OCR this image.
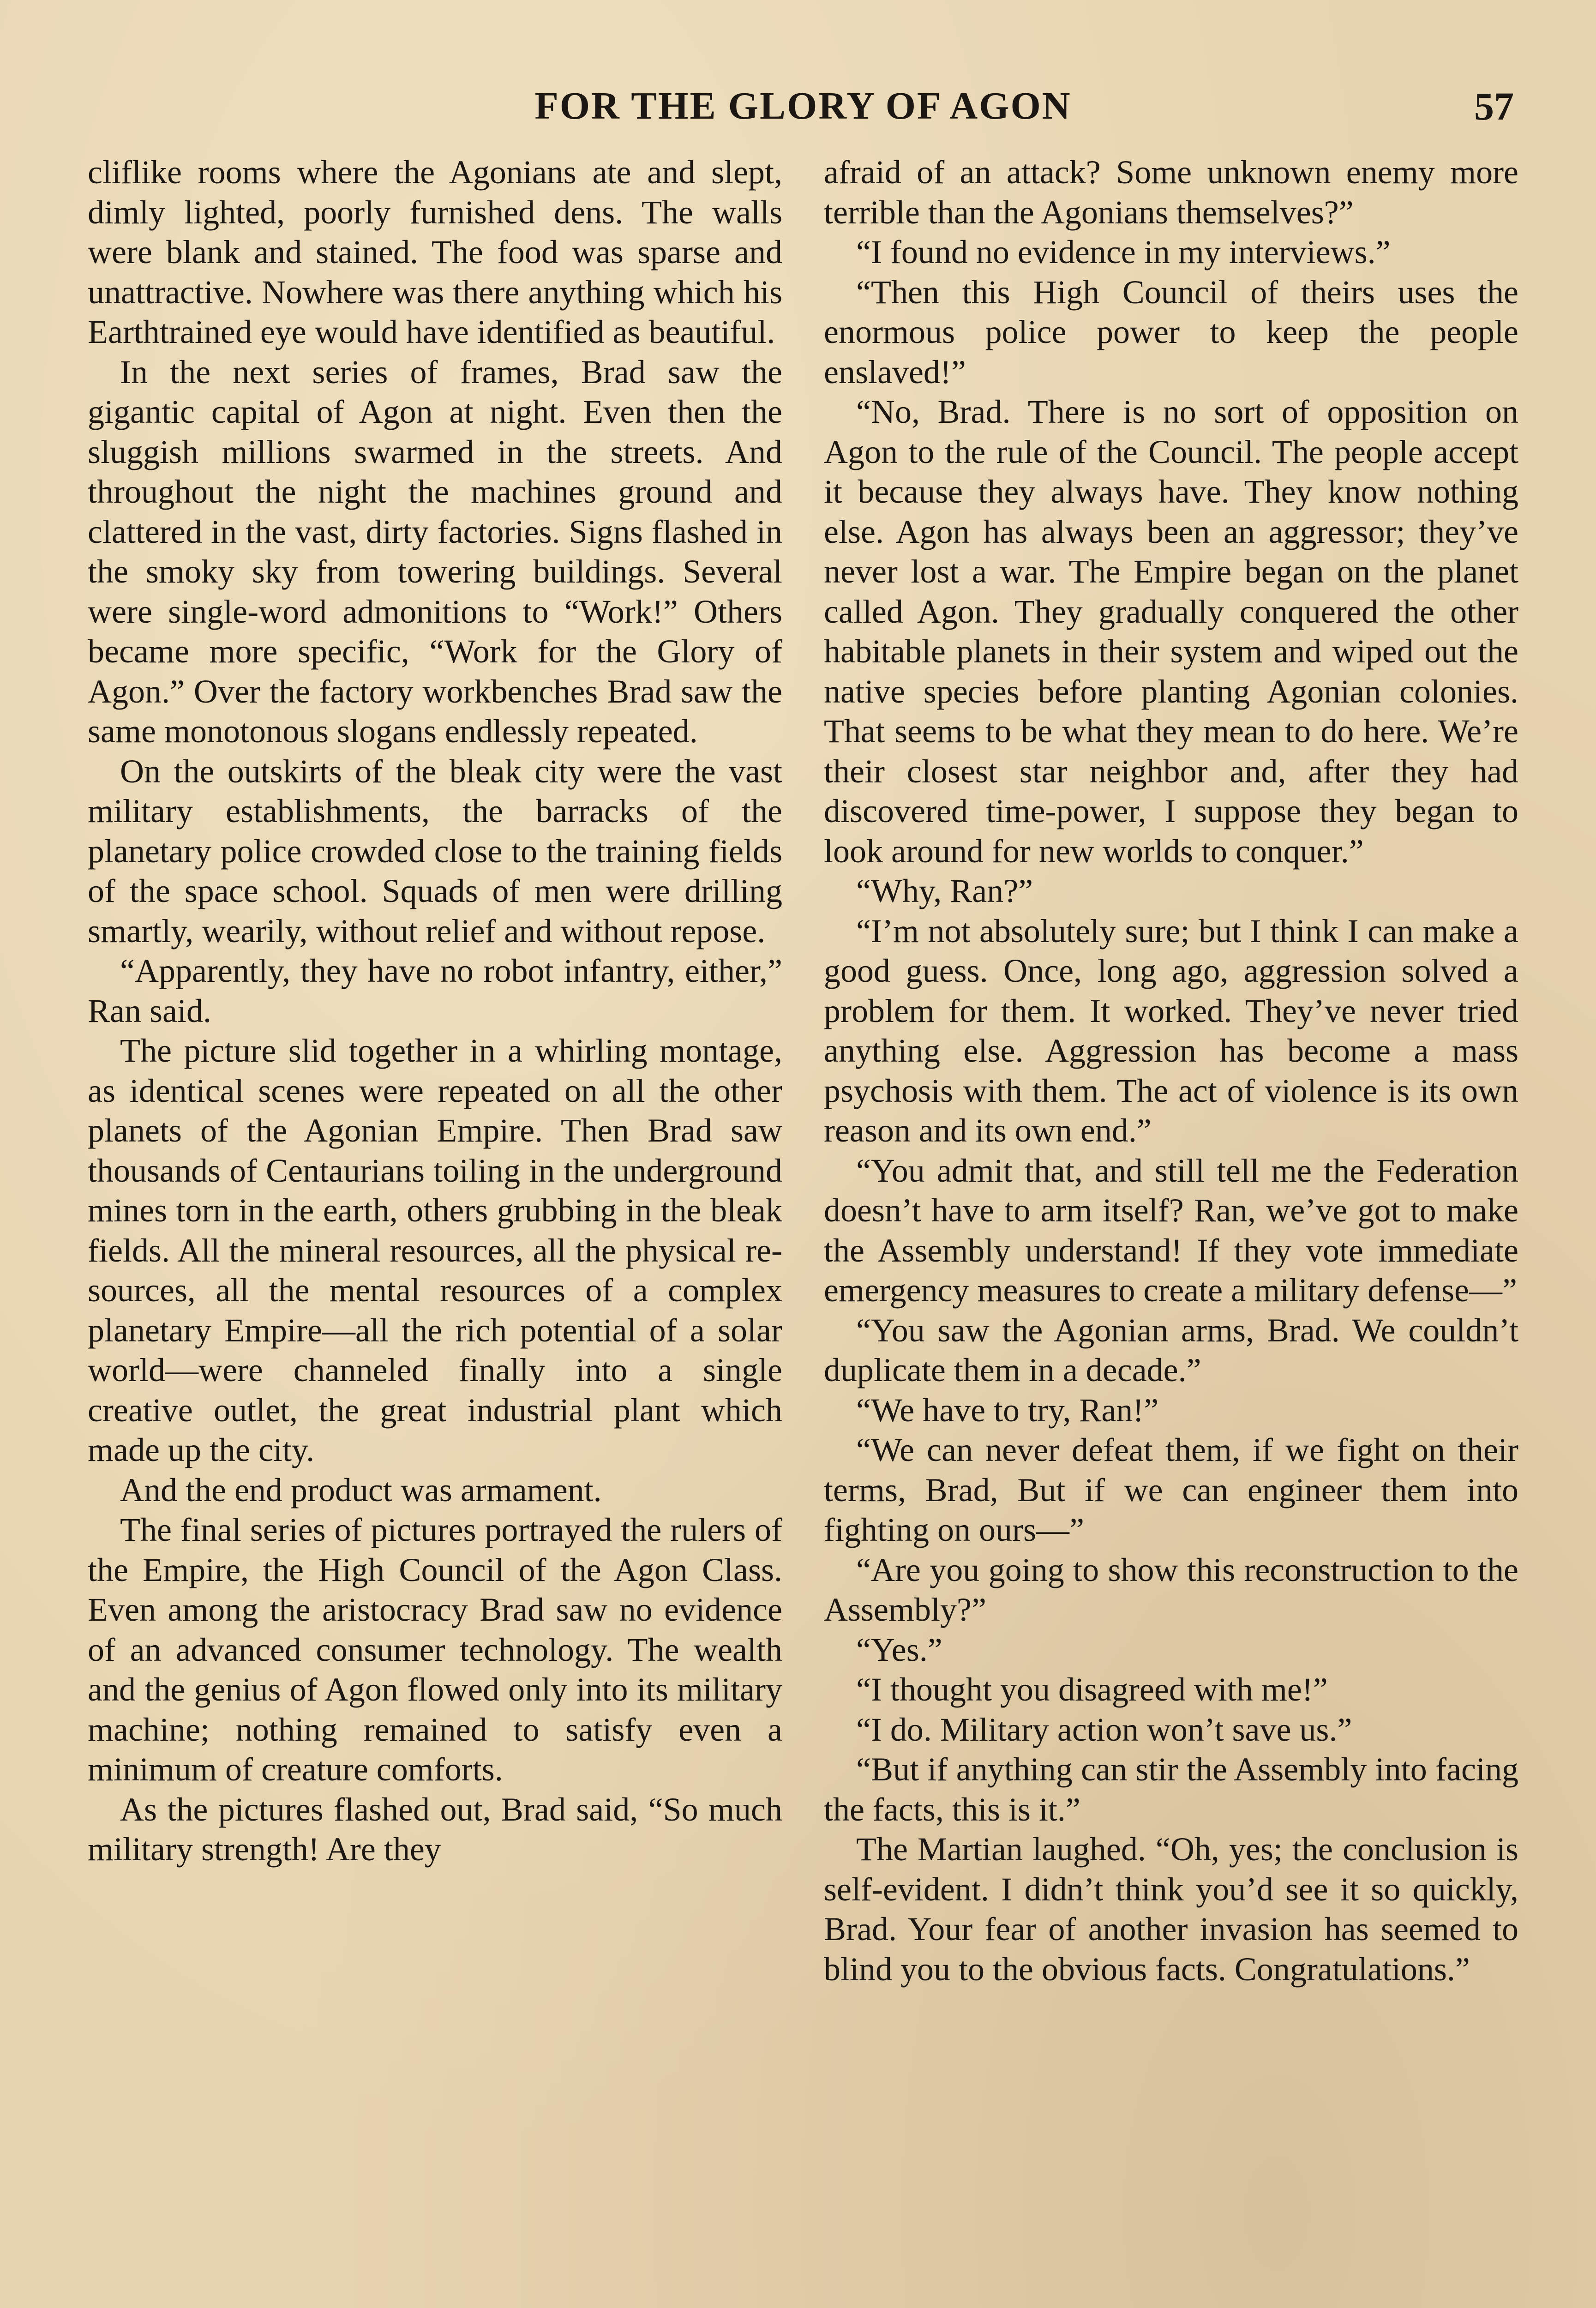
FOR THE GLORY OF AGON	57

cliflike rooms where the Agonians ate and slept, dimly lighted, poorly furnished dens. The walls were blank and stained. The food was sparse and unattractive. Nowhere was there anything which his Earthtrained eye would have identified as beautiful.

In the next series of frames, Brad saw the gigantic capital of Agon at night. Even then the sluggish millions swarmed in the streets. And throughout the night the machines ground and clattered in the vast, dirty factories. Signs flashed in the smoky sky from towering buildings. Several were single-word admonitions to “Work!” Others became more specific, “Work for the Glory of Agon.” Over the factory workbenches Brad saw the same monotonous slogans endlessly repeated.

On the outskirts of the bleak city were the vast military establishments, the barracks of the planetary police crowded close to the training fields of the space school. Squads of men were drilling smartly, wearily, without relief and without repose.

“Apparently, they have no robot infantry, either,” Ran said.

The picture slid together in a whirling montage, as identical scenes were repeated on all the other planets of the Agonian Empire. Then Brad saw thousands of Centaurians toiling in the underground mines torn in the earth, others grubbing in the bleak fields. All the mineral resources, all the physical resources, all the mental resources of a complex planetary Empire—all the rich potential of a solar world—were channeled finally into a single creative outlet, the great industrial plant which made up the city.

And the end product was armament.

The final series of pictures portrayed the rulers of the Empire, the High Council of the Agon Class. Even among the aristocracy Brad saw no evidence of an advanced consumer technology. The wealth and the genius of Agon flowed only into its military machine; nothing remained to satisfy even a minimum of creature comforts.

As the pictures flashed out, Brad said, “So much military strength! Are they

afraid of an attack? Some unknown enemy more terrible than the Agonians themselves?”

“I found no evidence in my interviews.”

“Then this High Council of theirs uses the enormous police power to keep the people enslaved!”

“No, Brad. There is no sort of opposition on Agon to the rule of the Council. The people accept it because they always have. They know nothing else. Agon has always been an aggressor; they’ve never lost a war. The Empire began on the planet called Agon. They gradually conquered the other habitable planets in their system and wiped out the native species before planting Agonian colonies. That seems to be what they mean to do here. We’re their closest star neighbor and, after they had discovered time-power, I suppose they began to look around for new worlds to conquer.”

“Why, Ran?”

“I’m not absolutely sure; but I think I can make a good guess. Once, long ago, aggression solved a problem for them. It worked. They’ve never tried anything else. Aggression has become a mass psychosis with them. The act of violence is its own reason and its own end.”

“You admit that, and still tell me the Federation doesn’t have to arm itself? Ran, we’ve got to make the Assembly understand! If they vote immediate emergency measures to create a military defense—”

“You saw the Agonian arms, Brad. We couldn’t duplicate them in a decade.”

“We have to try, Ran!”

“We can never defeat them, if we fight on their terms, Brad, But if we can engineer them into fighting on ours—”

“Are you going to show this reconstruction to the Assembly?”

“Yes.”

“I thought you disagreed with me!”

“I do. Military action won’t save us.”

“But if anything can stir the Assembly into facing the facts, this is it.”

The Martian laughed. “Oh, yes; the conclusion is self-evident. I didn’t think you’d see it so quickly, Brad. Your fear of another invasion has seemed to blind you to the obvious facts. Congratulations.”
